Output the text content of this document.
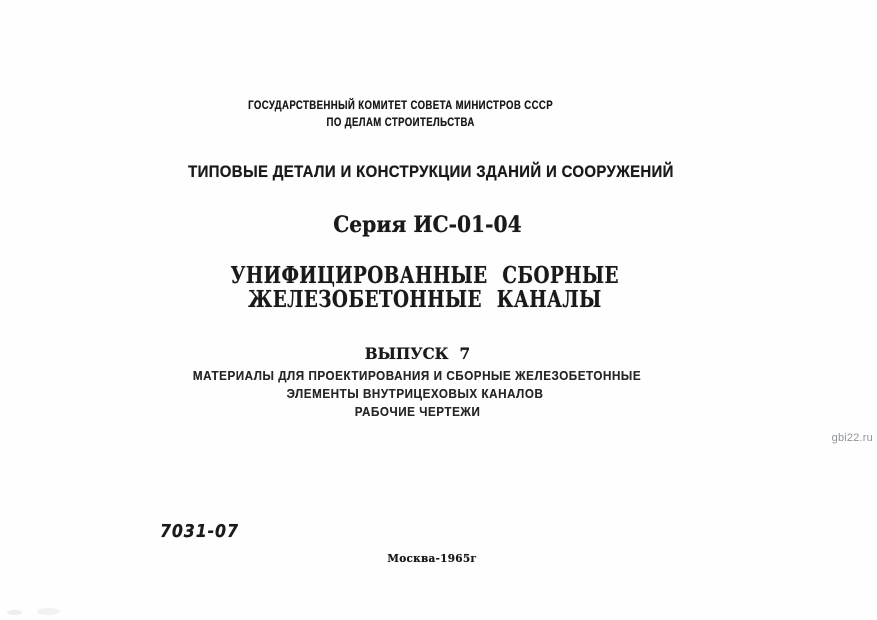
ГОСУДАРСТВЕННЫЙ КОМИТЕТ СОВЕТА МИНИСТРОВ СССР
ПО ДЕЛАМ СТРОИТЕЛЬСТВА
ТИПОВЫЕ ДЕТАЛИ И КОНСТРУКЦИИ ЗДАНИЙ И СООРУЖЕНИЙ
Серия ИС-01-04
УНИФИЦИРОВАННЫЕ СБОРНЫЕ
ЖЕЛЕЗОБЕТОННЫЕ КАНАЛЫ
ВЫПУСК 7
МАТЕРИАЛЫ ДЛЯ ПРОЕКТИРОВАНИЯ И СБОРНЫЕ ЖЕЛЕЗОБЕТОННЫЕ
ЭЛЕМЕНТЫ ВНУТРИЦЕХОВЫХ КАНАЛОВ
РАБОЧИЕ ЧЕРТЕЖИ
gbi22.ru
7031-07
Москва-1965г
